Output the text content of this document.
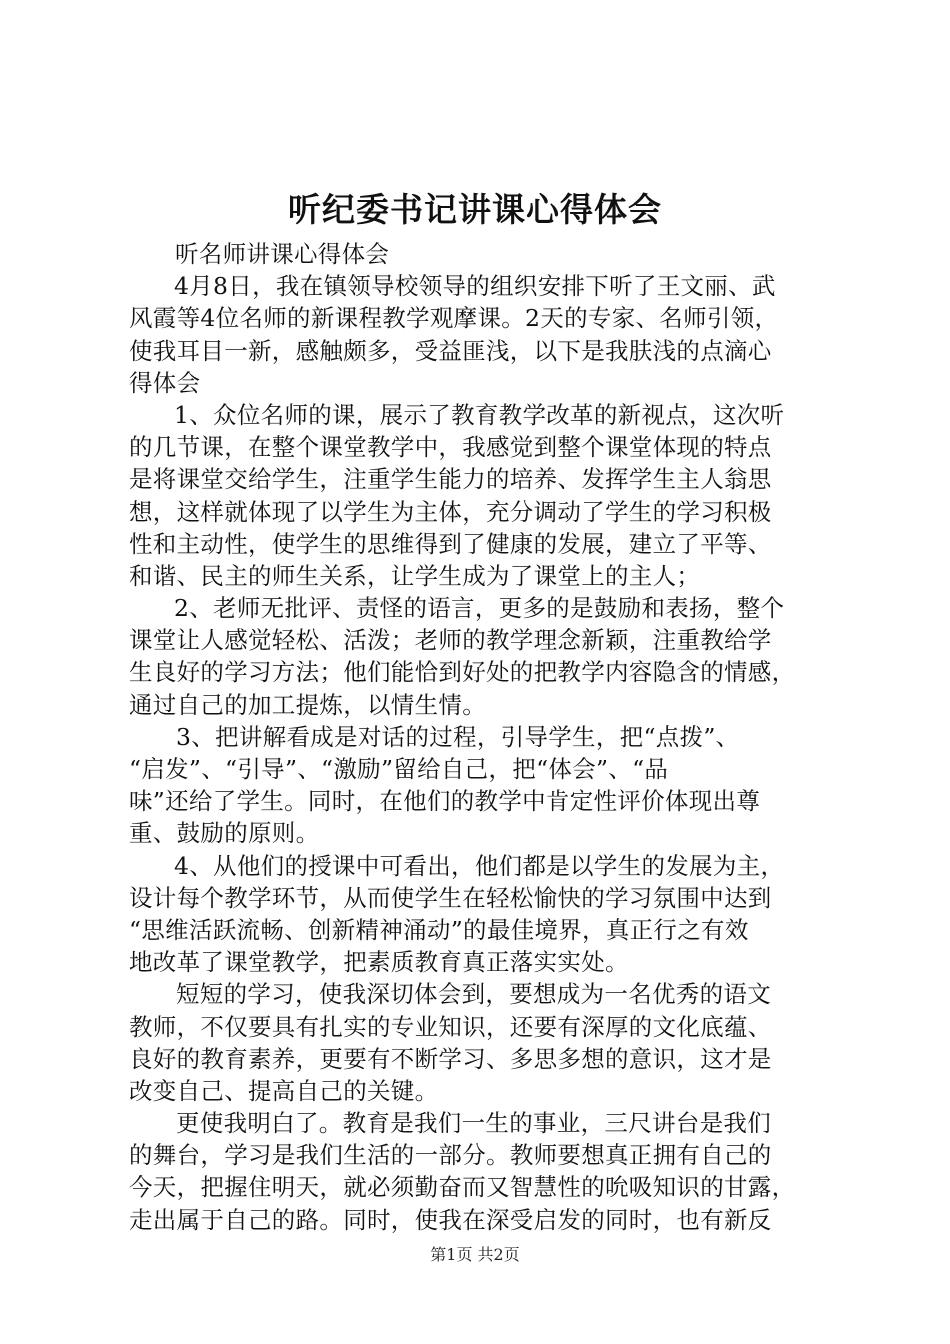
听纪委书记讲课心得体会
听名师讲课心得体会
4月8日，我在镇领导校领导的组织安排下听了王文丽、武
风霞等4位名师的新课程教学观摩课。2天的专家、名师引领，
使我耳目一新，感触颇多，受益匪浅，以下是我肤浅的点滴心
得体会
1、众位名师的课，展示了教育教学改革的新视点，这次听
的几节课，在整个课堂教学中，我感觉到整个课堂体现的特点
是将课堂交给学生，注重学生能力的培养、发挥学生主人翁思
想，这样就体现了以学生为主体，充分调动了学生的学习积极
性和主动性，使学生的思维得到了健康的发展，建立了平等、
和谐、民主的师生关系，让学生成为了课堂上的主人；
2、老师无批评、责怪的语言，更多的是鼓励和表扬，整个
课堂让人感觉轻松、活泼；老师的教学理念新颖，注重教给学
生良好的学习方法；他们能恰到好处的把教学内容隐含的情感，
通过自己的加工提炼，以情生情。
3、把讲解看成是对话的过程，引导学生，把“点拨”、
“启发”、“引导”、“激励”留给自己，把“体会”、“品
味”还给了学生。同时，在他们的教学中肯定性评价体现出尊
重、鼓励的原则。
4、从他们的授课中可看出，他们都是以学生的发展为主，
设计每个教学环节，从而使学生在轻松愉快的学习氛围中达到
“思维活跃流畅、创新精神涌动”的最佳境界，真正行之有效
地改革了课堂教学，把素质教育真正落实实处。
短短的学习，使我深切体会到，要想成为一名优秀的语文
教师，不仅要具有扎实的专业知识，还要有深厚的文化底蕴、
良好的教育素养，更要有不断学习、多思多想的意识，这才是
改变自己、提高自己的关键。
更使我明白了。教育是我们一生的事业，三尺讲台是我们
的舞台，学习是我们生活的一部分。教师要想真正拥有自己的
今天，把握住明天，就必须勤奋而又智慧性的吮吸知识的甘露，
走出属于自己的路。同时，使我在深受启发的同时，也有新反
第1页 共2页
